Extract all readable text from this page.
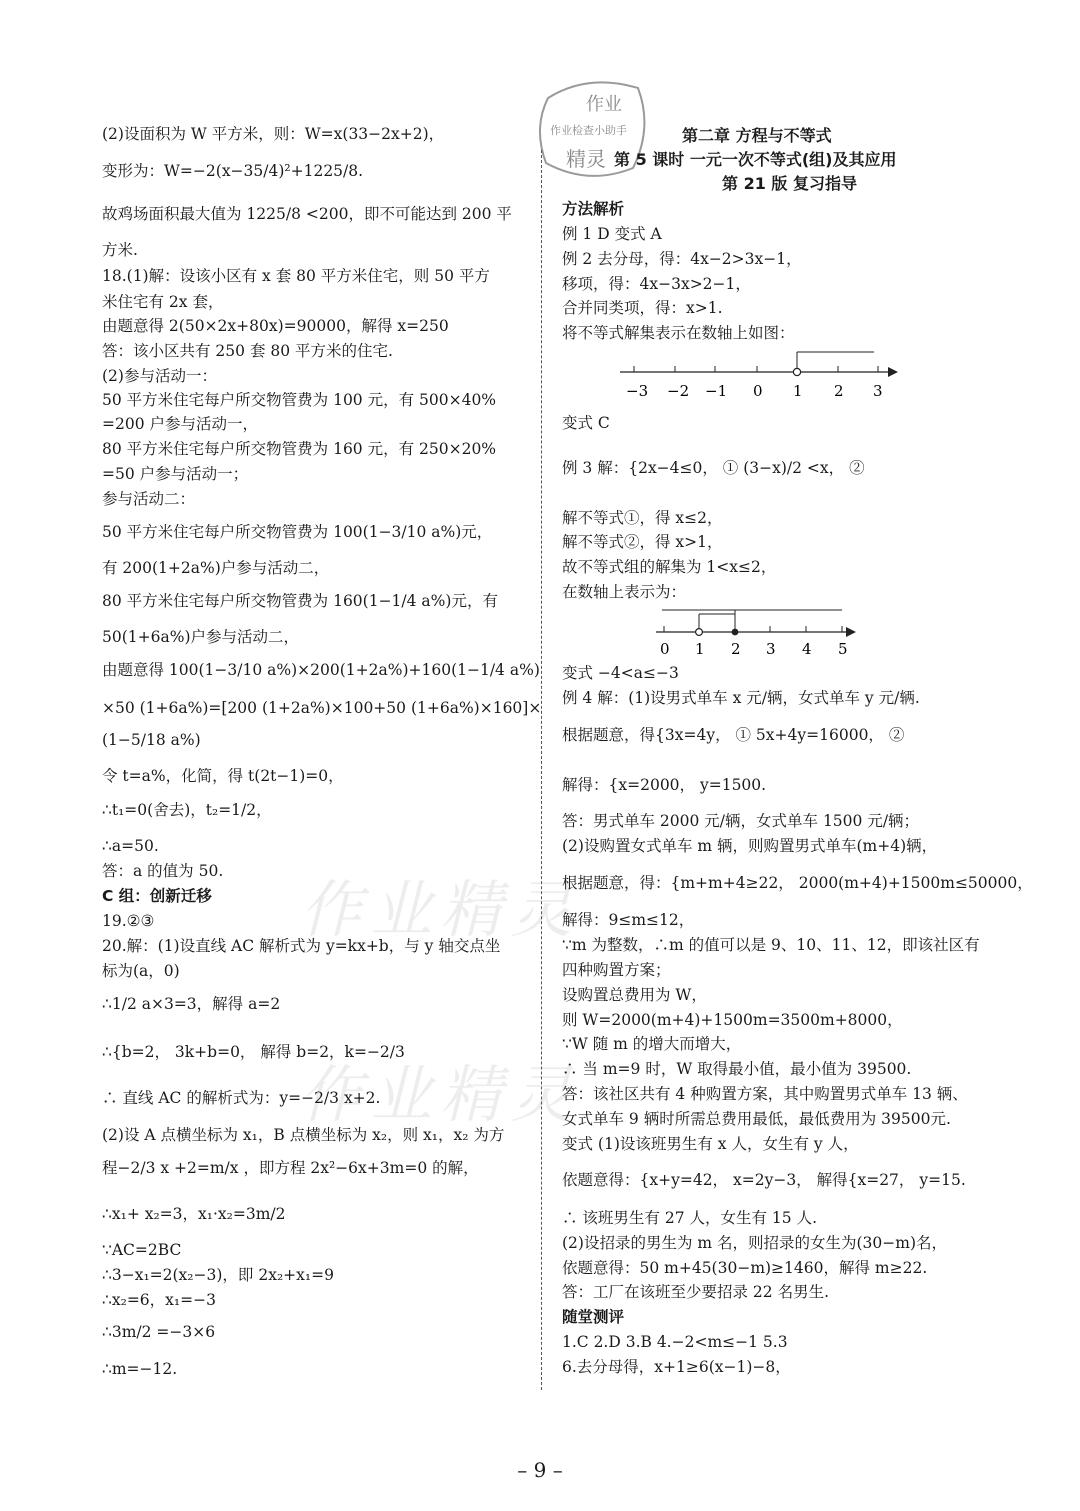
作业
作业检查小助手
精灵
作业精灵
作业精灵
(2)设面积为 W 平方米，则：W=x(33−2x+2)，
变形为：W=−2(x−35/4)²+1225/8.
故鸡场面积最大值为 1225/8 <200，即不可能达到 200 平
方米.
18.(1)解：设该小区有 x 套 80 平方米住宅，则 50 平方
米住宅有 2x 套，
由题意得 2(50×2x+80x)=90000，解得 x=250
答：该小区共有 250 套 80 平方米的住宅.
(2)参与活动一：
50 平方米住宅每户所交物管费为 100 元，有 500×40%
=200 户参与活动一，
80 平方米住宅每户所交物管费为 160 元，有 250×20%
=50 户参与活动一；
参与活动二：
50 平方米住宅每户所交物管费为 100(1−3/10 a%)元，
有 200(1+2a%)户参与活动二，
80 平方米住宅每户所交物管费为 160(1−1/4 a%)元，有
50(1+6a%)户参与活动二，
由题意得 100(1−3/10 a%)×200(1+2a%)+160(1−1/4 a%)
×50 (1+6a%)=[200 (1+2a%)×100+50 (1+6a%)×160]×
(1−5/18 a%)
令 t=a%，化简，得 t(2t−1)=0，
∴t₁=0(舍去)，t₂=1/2，
∴a=50.
答：a 的值为 50.
C 组：创新迁移
19.②③
20.解：(1)设直线 AC 解析式为 y=kx+b，与 y 轴交点坐
标为(a，0)
∴1/2 a×3=3，解得 a=2
∴{b=2， 3k+b=0， 解得 b=2，k=−2/3
∴ 直线 AC 的解析式为：y=−2/3 x+2.
(2)设 A 点横坐标为 x₁，B 点横坐标为 x₂，则 x₁，x₂ 为方
程−2/3 x +2=m/x ，即方程 2x²−6x+3m=0 的解，
∴x₁+ x₂=3，x₁·x₂=3m/2
∵AC=2BC
∴3−x₁=2(x₂−3)，即 2x₂+x₁=9
∴x₂=6，x₁=−3
∴3m/2 =−3×6
∴m=−12.
第二章 方程与不等式
第 5 课时 一元一次不等式(组)及其应用
第 21 版 复习指导
方法解析
例 1 D 变式 A
例 2 去分母，得：4x−2>3x−1，
移项，得：4x−3x>2−1，
合并同类项，得：x>1.
将不等式解集表示在数轴上如图：
变式 C
例 3 解：{2x−4≤0， ① (3−x)/2 <x， ②
解不等式①，得 x≤2，
解不等式②，得 x>1，
故不等式组的解集为 1<x≤2，
在数轴上表示为：
变式 −4<a≤−3
例 4 解：(1)设男式单车 x 元/辆，女式单车 y 元/辆.
根据题意，得{3x=4y， ① 5x+4y=16000， ②
解得：{x=2000， y=1500.
答：男式单车 2000 元/辆，女式单车 1500 元/辆；
(2)设购置女式单车 m 辆，则购置男式单车(m+4)辆，
根据题意，得：{m+m+4≥22， 2000(m+4)+1500m≤50000，
解得：9≤m≤12，
∵m 为整数，∴m 的值可以是 9、10、11、12，即该社区有
四种购置方案；
设购置总费用为 W，
则 W=2000(m+4)+1500m=3500m+8000，
∵W 随 m 的增大而增大，
∴ 当 m=9 时，W 取得最小值，最小值为 39500.
答：该社区共有 4 种购置方案，其中购置男式单车 13 辆、
女式单车 9 辆时所需总费用最低，最低费用为 39500元.
变式 (1)设该班男生有 x 人，女生有 y 人，
依题意得：{x+y=42， x=2y−3， 解得{x=27， y=15.
∴ 该班男生有 27 人，女生有 15 人.
(2)设招录的男生为 m 名，则招录的女生为(30−m)名，
依题意得：50 m+45(30−m)≥1460，解得 m≥22.
答：工厂在该班至少要招录 22 名男生.
随堂测评
1.C 2.D 3.B 4.−2<m≤−1 5.3
6.去分母得，x+1≥6(x−1)−8，
−3 −2 −1 0 1 2 3
0 1 2 3 4 5
– 9 –
